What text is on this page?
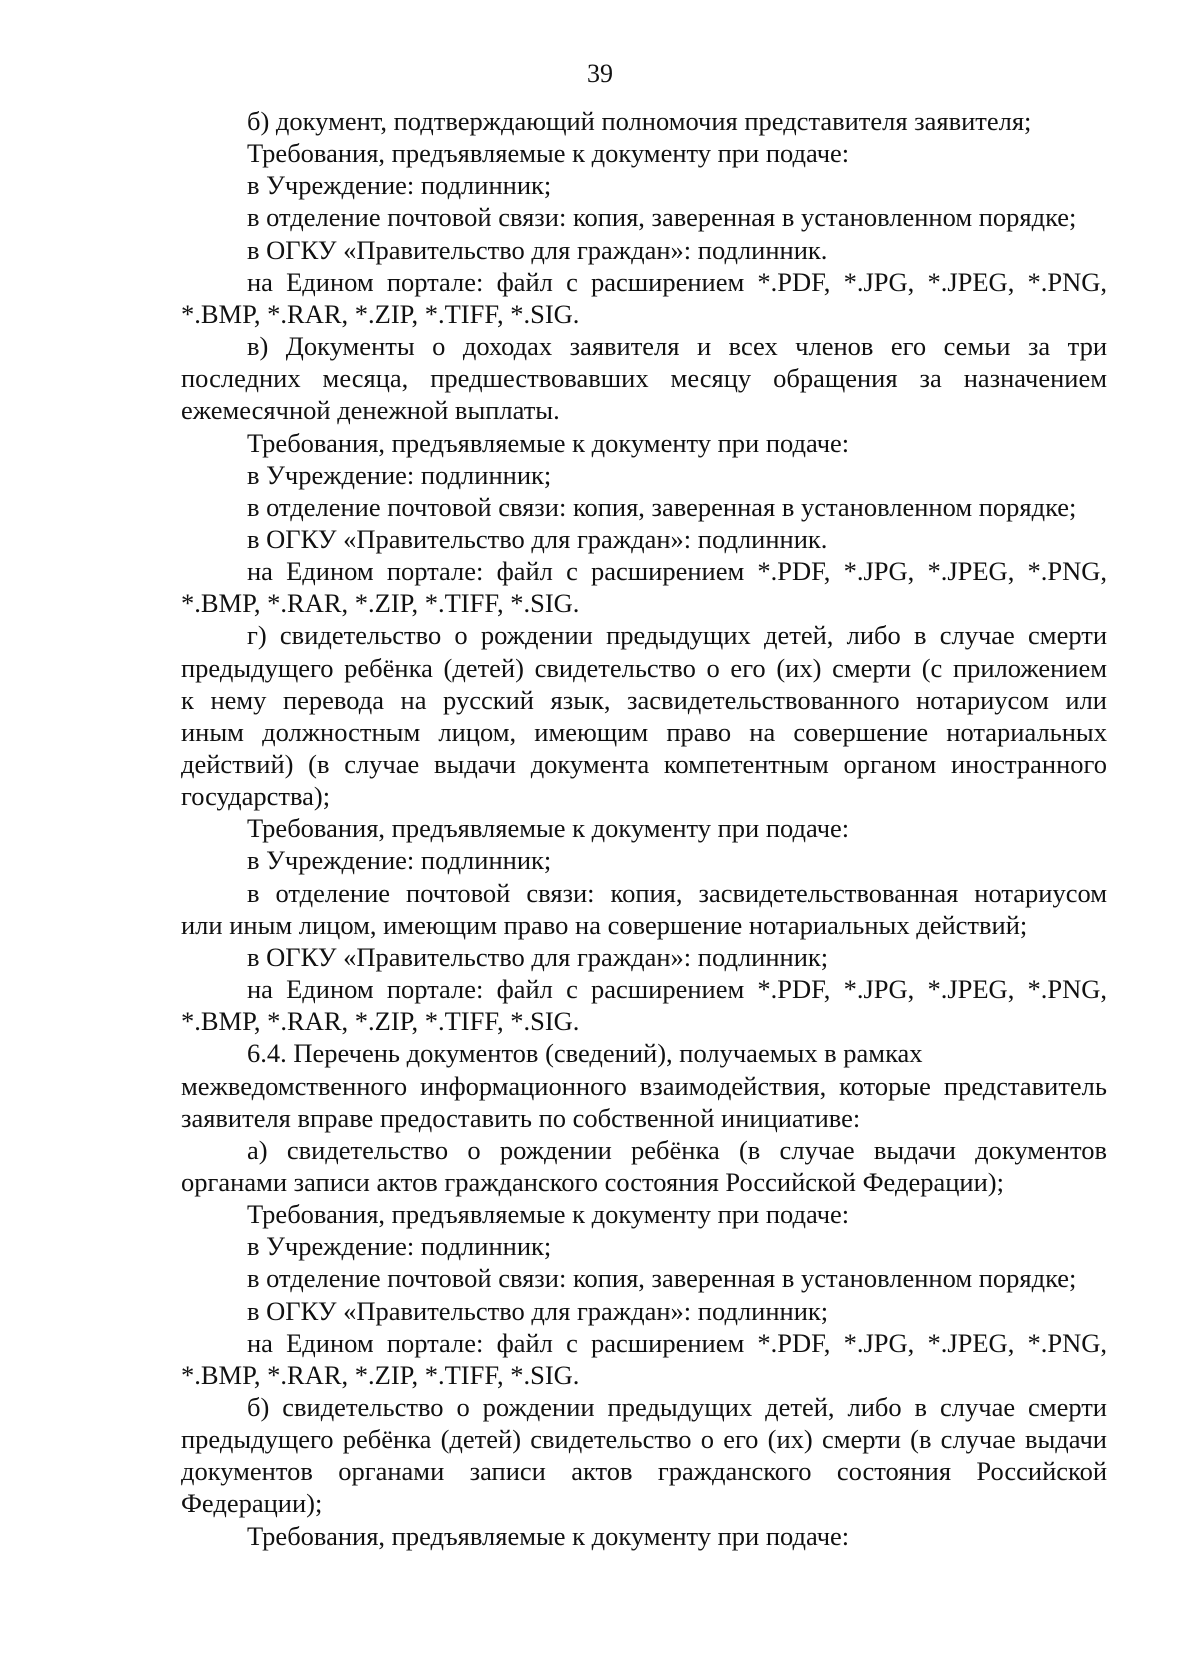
39
б) документ, подтверждающий полномочия представителя заявителя;
Требования, предъявляемые к документу при подаче:
в Учреждение: подлинник;
в отделение почтовой связи: копия, заверенная в установленном порядке;
в ОГКУ «Правительство для граждан»: подлинник.
на Едином портале: файл с расширением *.PDF, *.JPG, *.JPEG, *.PNG,
*.BMP, *.RAR, *.ZIP, *.TIFF, *.SIG.
в) Документы о доходах заявителя и всех членов его семьи за три
последних месяца, предшествовавших месяцу обращения за назначением
ежемесячной денежной выплаты.
Требования, предъявляемые к документу при подаче:
в Учреждение: подлинник;
в отделение почтовой связи: копия, заверенная в установленном порядке;
в ОГКУ «Правительство для граждан»: подлинник.
на Едином портале: файл с расширением *.PDF, *.JPG, *.JPEG, *.PNG,
*.BMP, *.RAR, *.ZIP, *.TIFF, *.SIG.
г) свидетельство о рождении предыдущих детей, либо в случае смерти
предыдущего ребёнка (детей) свидетельство о его (их) смерти (с приложением
к нему перевода на русский язык, засвидетельствованного нотариусом или
иным должностным лицом, имеющим право на совершение нотариальных
действий) (в случае выдачи документа компетентным органом иностранного
государства);
Требования, предъявляемые к документу при подаче:
в Учреждение: подлинник;
в отделение почтовой связи: копия, засвидетельствованная нотариусом
или иным лицом, имеющим право на совершение нотариальных действий;
в ОГКУ «Правительство для граждан»: подлинник;
на Едином портале: файл с расширением *.PDF, *.JPG, *.JPEG, *.PNG,
*.BMP, *.RAR, *.ZIP, *.TIFF, *.SIG.
6.4. Перечень документов (сведений), получаемых в рамках
межведомственного информационного взаимодействия, которые представитель
заявителя вправе предоставить по собственной инициативе:
а) свидетельство о рождении ребёнка (в случае выдачи документов
органами записи актов гражданского состояния Российской Федерации);
Требования, предъявляемые к документу при подаче:
в Учреждение: подлинник;
в отделение почтовой связи: копия, заверенная в установленном порядке;
в ОГКУ «Правительство для граждан»: подлинник;
на Едином портале: файл с расширением *.PDF, *.JPG, *.JPEG, *.PNG,
*.BMP, *.RAR, *.ZIP, *.TIFF, *.SIG.
б) свидетельство о рождении предыдущих детей, либо в случае смерти
предыдущего ребёнка (детей) свидетельство о его (их) смерти (в случае выдачи
документов органами записи актов гражданского состояния Российской
Федерации);
Требования, предъявляемые к документу при подаче:
